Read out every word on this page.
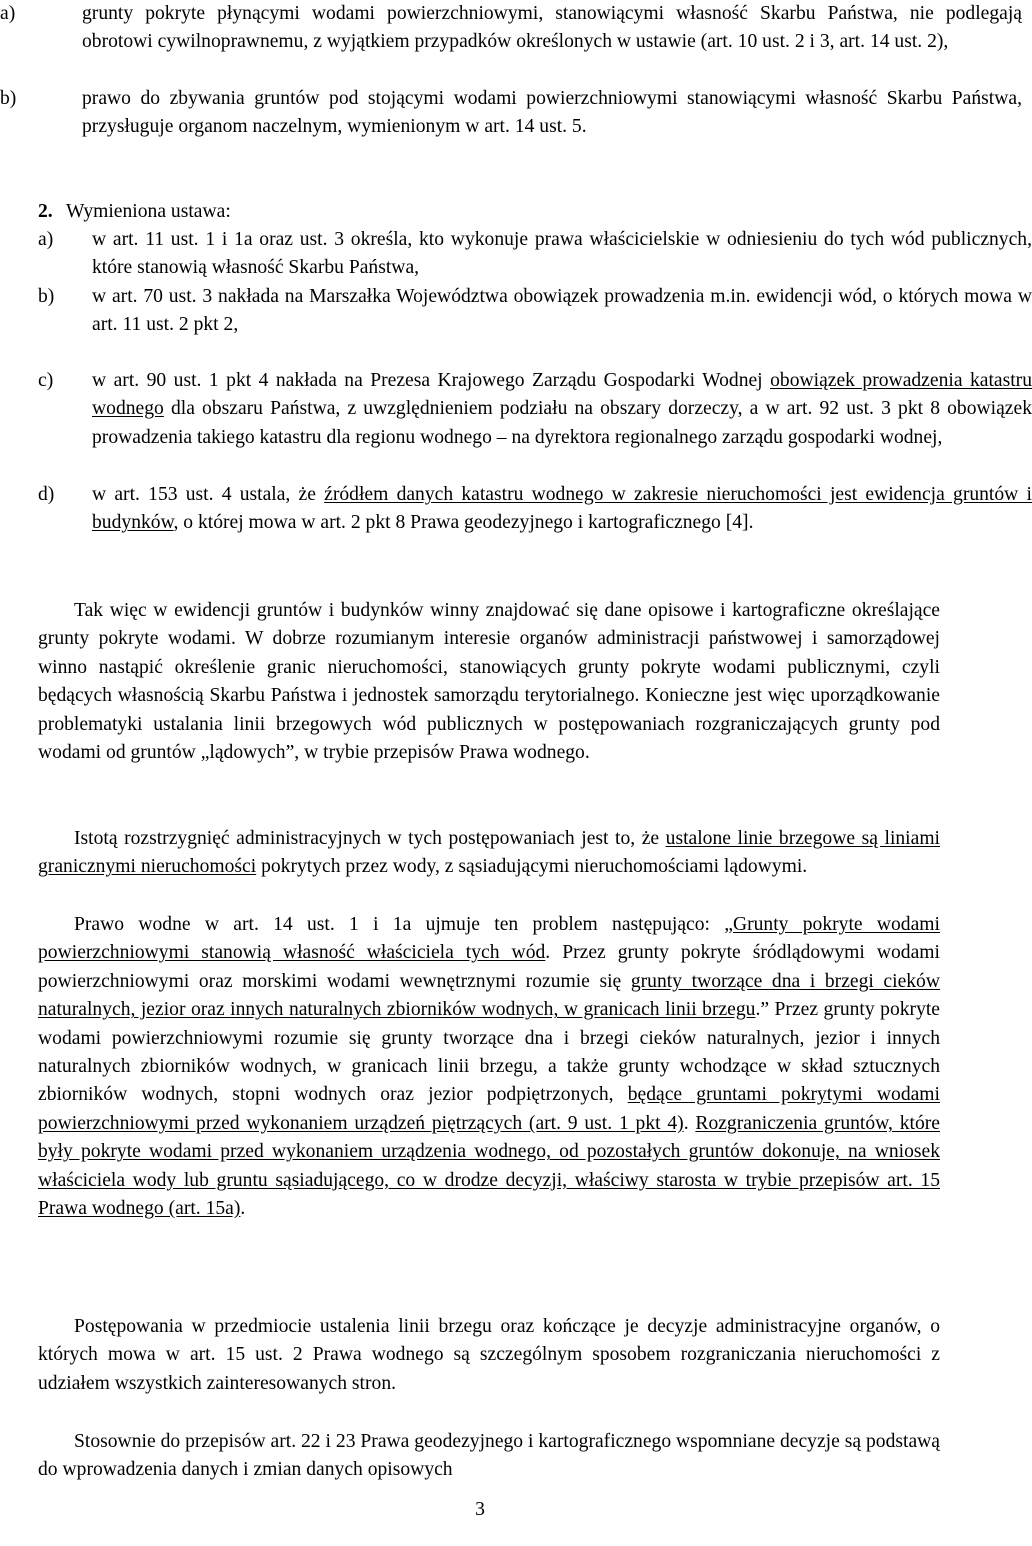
a)	grunty pokryte płynącymi wodami powierzchniowymi, stanowiącymi własność Skarbu Państwa, nie podlegają obrotowi cywilnoprawnemu, z wyjątkiem przypadków określonych w ustawie (art. 10 ust. 2 i 3, art. 14 ust. 2),
b)	prawo do zbywania gruntów pod stojącymi wodami powierzchniowymi stanowiącymi własność Skarbu Państwa, przysługuje organom naczelnym, wymienionym w art. 14 ust. 5.
2. Wymieniona ustawa:
a) w art. 11 ust. 1 i 1a oraz ust. 3 określa, kto wykonuje prawa właścicielskie w odniesieniu do tych wód publicznych, które stanowią własność Skarbu Państwa,
b) w art. 70 ust. 3 nakłada na Marszałka Województwa obowiązek prowadzenia m.in. ewidencji wód, o których mowa w art. 11 ust. 2 pkt 2,
c) w art. 90 ust. 1 pkt 4 nakłada na Prezesa Krajowego Zarządu Gospodarki Wodnej obowiązek prowadzenia katastru wodnego dla obszaru Państwa, z uwzględnieniem podziału na obszary dorzeczy, a w art. 92 ust. 3 pkt 8 obowiązek prowadzenia takiego katastru dla regionu wodnego – na dyrektora regionalnego zarządu gospodarki wodnej,
d) w art. 153 ust. 4 ustala, że źródłem danych katastru wodnego w zakresie nieruchomości jest ewidencja gruntów i budynków, o której mowa w art. 2 pkt 8 Prawa geodezyjnego i kartograficznego [4].

Tak więc w ewidencji gruntów i budynków winny znajdować się dane opisowe i kartograficzne określające grunty pokryte wodami. W dobrze rozumianym interesie organów administracji państwowej i samorządowej winno nastąpić określenie granic nieruchomości, stanowiących grunty pokryte wodami publicznymi, czyli będących własnością Skarbu Państwa i jednostek samorządu terytorialnego. Konieczne jest więc uporządkowanie problematyki ustalania linii brzegowych wód publicznych w postępowaniach rozgraniczających grunty pod wodami od gruntów „lądowych”, w trybie przepisów Prawa wodnego.

Istotą rozstrzygnięć administracyjnych w tych postępowaniach jest to, że ustalone linie brzegowe są liniami granicznymi nieruchomości pokrytych przez wody, z sąsiadującymi nieruchomościami lądowymi.

Prawo wodne w art. 14 ust. 1 i 1a ujmuje ten problem następująco: „Grunty pokryte wodami powierzchniowymi stanowią własność właściciela tych wód. Przez grunty pokryte śródlądowymi wodami powierzchniowymi oraz morskimi wodami wewnętrznymi rozumie się grunty tworzące dna i brzegi cieków naturalnych, jezior oraz innych naturalnych zbiorników wodnych, w granicach linii brzegu.” Przez grunty pokryte wodami powierzchniowymi rozumie się grunty tworzące dna i brzegi cieków naturalnych, jezior i innych naturalnych zbiorników wodnych, w granicach linii brzegu, a także grunty wchodzące w skład sztucznych zbiorników wodnych, stopni wodnych oraz jezior podpiętrzonych, będące gruntami pokrytymi wodami powierzchniowymi przed wykonaniem urządzeń piętrzących (art. 9 ust. 1 pkt 4). Rozgraniczenia gruntów, które były pokryte wodami przed wykonaniem urządzenia wodnego, od pozostałych gruntów dokonuje, na wniosek właściciela wody lub gruntu sąsiadującego, co w drodze decyzji, właściwy starosta w trybie przepisów art. 15 Prawa wodnego (art. 15a).

Postępowania w przedmiocie ustalenia linii brzegu oraz kończące je decyzje administracyjne organów, o których mowa w art. 15 ust. 2 Prawa wodnego są szczególnym sposobem rozgraniczania nieruchomości z udziałem wszystkich zainteresowanych stron.

Stosownie do przepisów art. 22 i 23 Prawa geodezyjnego i kartograficznego wspomniane decyzje są podstawą do wprowadzenia danych i zmian danych opisowych

3
